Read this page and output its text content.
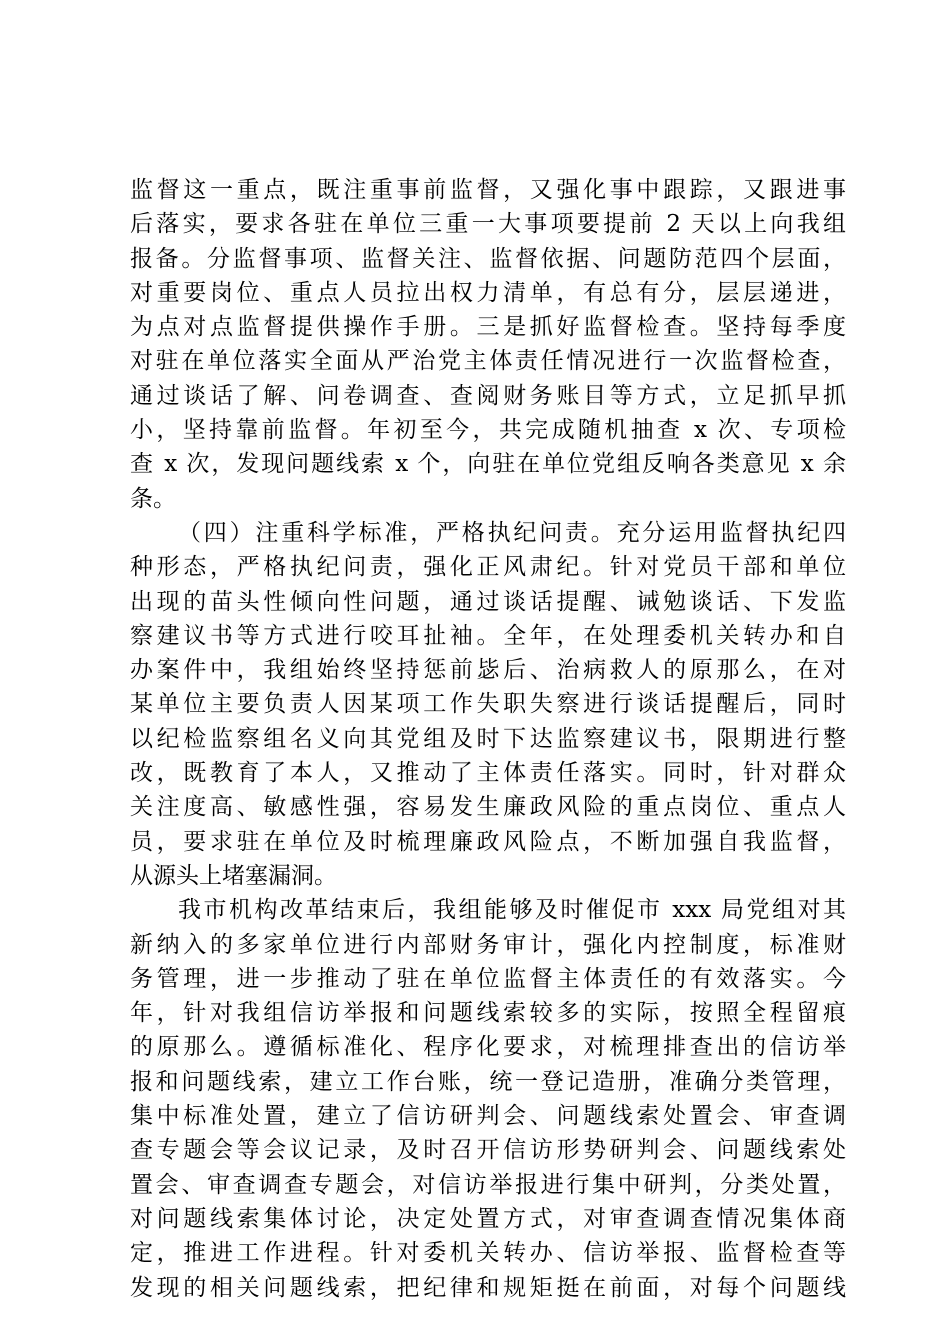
监督这一重点，既注重事前监督，又强化事中跟踪，又跟进事
后落实，要求各驻在单位三重一大事项要提前 2 天以上向我组
报备。分监督事项、监督关注、监督依据、问题防范四个层面，
对重要岗位、重点人员拉出权力清单，有总有分，层层递进，
为点对点监督提供操作手册。三是抓好监督检查。坚持每季度
对驻在单位落实全面从严治党主体责任情况进行一次监督检查，
通过谈话了解、问卷调查、查阅财务账目等方式，立足抓早抓
小，坚持靠前监督。年初至今，共完成随机抽查 x 次、专项检
查 x 次，发现问题线索 x 个，向驻在单位党组反响各类意见 x 余
条。
（四）注重科学标准，严格执纪问责。充分运用监督执纪四
种形态，严格执纪问责，强化正风肃纪。针对党员干部和单位
出现的苗头性倾向性问题，通过谈话提醒、诫勉谈话、下发监
察建议书等方式进行咬耳扯袖。全年，在处理委机关转办和自
办案件中，我组始终坚持惩前毖后、治病救人的原那么，在对
某单位主要负责人因某项工作失职失察进行谈话提醒后，同时
以纪检监察组名义向其党组及时下达监察建议书，限期进行整
改，既教育了本人，又推动了主体责任落实。同时，针对群众
关注度高、敏感性强，容易发生廉政风险的重点岗位、重点人
员，要求驻在单位及时梳理廉政风险点，不断加强自我监督，
从源头上堵塞漏洞。
我市机构改革结束后，我组能够及时催促市 xxx 局党组对其
新纳入的多家单位进行内部财务审计，强化内控制度，标准财
务管理，进一步推动了驻在单位监督主体责任的有效落实。今
年，针对我组信访举报和问题线索较多的实际，按照全程留痕
的原那么。遵循标准化、程序化要求，对梳理排查出的信访举
报和问题线索，建立工作台账，统一登记造册，准确分类管理，
集中标准处置，建立了信访研判会、问题线索处置会、审查调
查专题会等会议记录，及时召开信访形势研判会、问题线索处
置会、审查调查专题会，对信访举报进行集中研判，分类处置，
对问题线索集体讨论，决定处置方式，对审查调查情况集体商
定，推进工作进程。针对委机关转办、信访举报、监督检查等
发现的相关问题线索，把纪律和规矩挺在前面，对每个问题线
